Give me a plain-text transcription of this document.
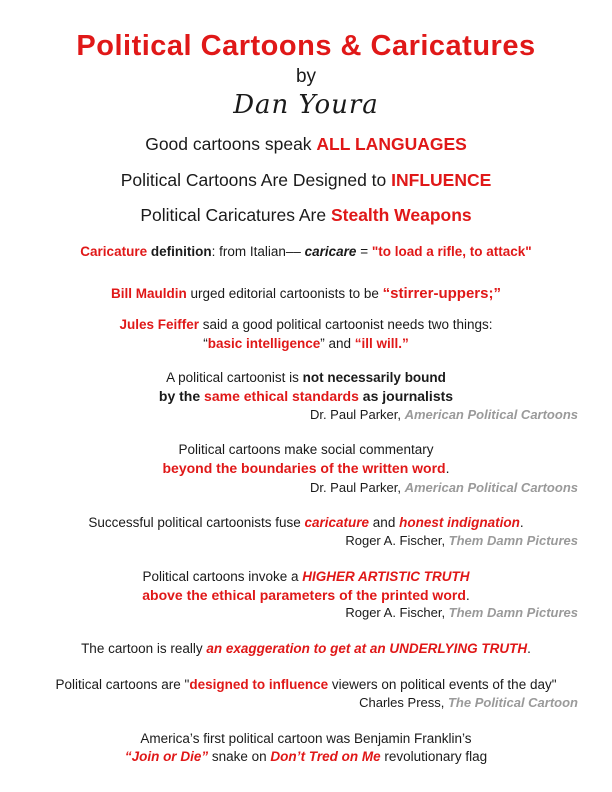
Political Cartoons & Caricatures
by
Dan Youra
Good cartoons speak ALL LANGUAGES
Political Cartoons Are Designed to INFLUENCE
Political Caricatures Are Stealth Weapons
Caricature definition: from Italian–– caricare = "to load a rifle, to attack"
Bill Mauldin urged editorial cartoonists to be “stirrer-uppers;”
Jules Feiffer said a good political cartoonist needs two things:
“basic intelligence” and “ill will.”
A political cartoonist is not necessarily bound
by the same ethical standards as journalists
Dr. Paul Parker, American Political Cartoons
Political cartoons make social commentary
beyond the boundaries of the written word.
Dr. Paul Parker, American Political Cartoons
Successful political cartoonists fuse caricature and honest indignation.
Roger A. Fischer, Them Damn Pictures
Political cartoons invoke a HIGHER ARTISTIC TRUTH
above the ethical parameters of the printed word.
Roger A. Fischer, Them Damn Pictures
The cartoon is really an exaggeration to get at an UNDERLYING TRUTH.
Political cartoons are "designed to influence viewers on political events of the day"
Charles Press, The Political Cartoon
America’s first political cartoon was Benjamin Franklin’s
“Join or Die” snake on Don’t Tred on Me revolutionary flag
